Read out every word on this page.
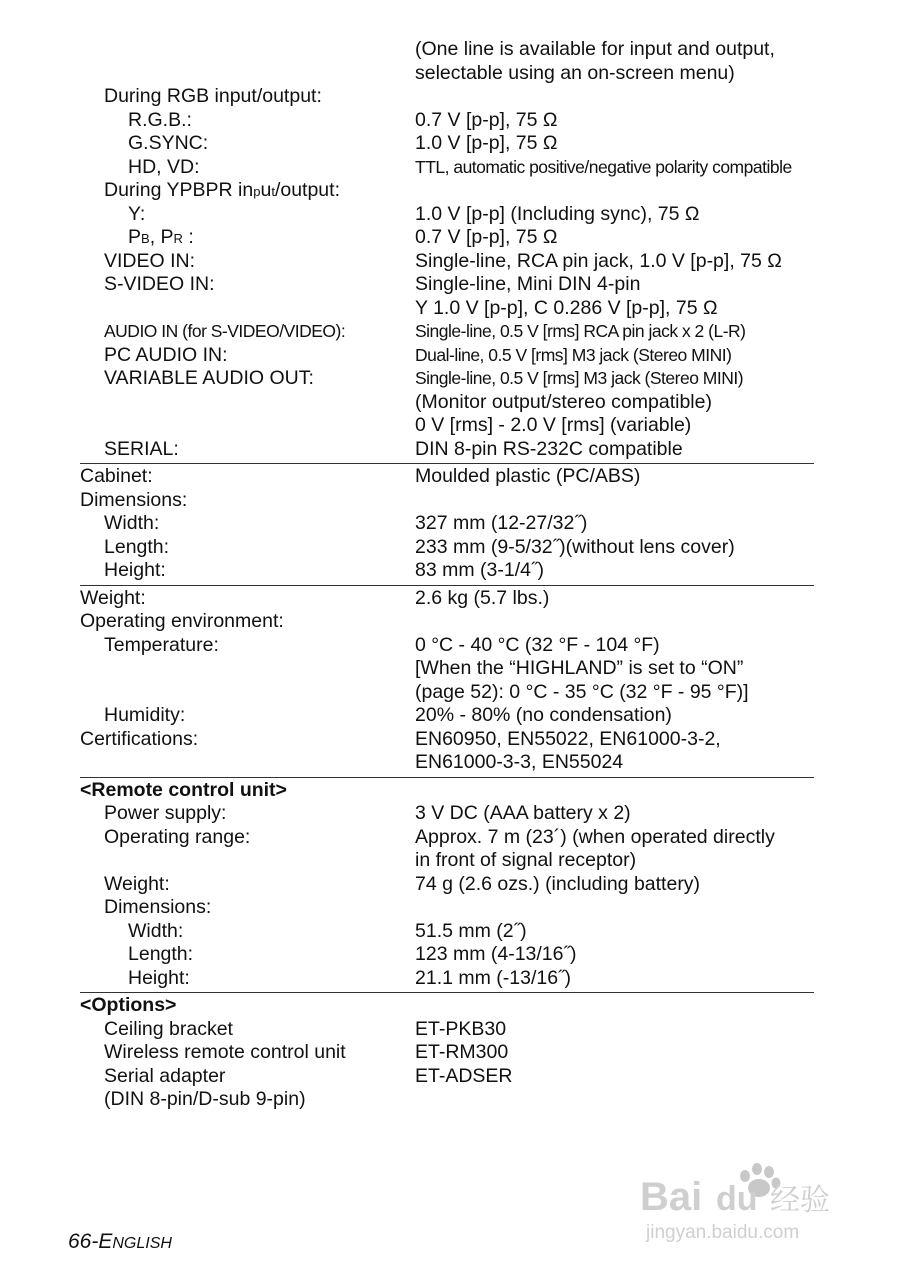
(One line is available for input and output,
selectable using an on-screen menu)
During RGB input/output:
R.G.B.:	0.7 V [p-p], 75 Ω
G.SYNC:	1.0 V [p-p], 75 Ω
HD, VD:	TTL, automatic positive/negative polarity compatible
During YPBPR input/output:
Y:	1.0 V [p-p] (Including sync), 75 Ω
PB, PR :	0.7 V [p-p], 75 Ω
VIDEO IN:	Single-line, RCA pin jack, 1.0 V [p-p], 75 Ω
S-VIDEO IN:	Single-line, Mini DIN 4-pin
Y 1.0 V [p-p], C 0.286 V [p-p], 75 Ω
AUDIO IN (for S-VIDEO/VIDEO):	Single-line, 0.5 V [rms] RCA pin jack x 2 (L-R)
PC AUDIO IN:	Dual-line, 0.5 V [rms] M3 jack (Stereo MINI)
VARIABLE AUDIO OUT:	Single-line, 0.5 V [rms] M3 jack (Stereo MINI)
(Monitor output/stereo compatible)
0 V [rms] - 2.0 V [rms] (variable)
SERIAL:	DIN 8-pin RS-232C compatible
Cabinet:	Moulded plastic (PC/ABS)
Dimensions:
Width:	327 mm (12-27/32˝)
Length:	233 mm (9-5/32˝)(without lens cover)
Height:	83 mm (3-1/4˝)
Weight:	2.6 kg (5.7 lbs.)
Operating environment:
Temperature:	0 °C - 40 °C (32 °F - 104 °F)
[When the “HIGHLAND” is set to “ON”
(page 52): 0 °C - 35 °C (32 °F - 95 °F)]
Humidity:	20% - 80% (no condensation)
Certifications:	EN60950, EN55022, EN61000-3-2,
EN61000-3-3, EN55024
<Remote control unit>
Power supply:	3 V DC (AAA battery x 2)
Operating range:	Approx. 7 m (23´) (when operated directly
in front of signal receptor)
Weight:	74 g (2.6 ozs.) (including battery)
Dimensions:
Width:	51.5 mm (2˝)
Length:	123 mm (4-13/16˝)
Height:	21.1 mm (-13/16˝)
<Options>
Ceiling bracket	ET-PKB30
Wireless remote control unit	ET-RM300
Serial adapter	ET-ADSER
(DIN 8-pin/D-sub 9-pin)
66-ENGLISH
Bai du 经验
jingyan.baidu.com
